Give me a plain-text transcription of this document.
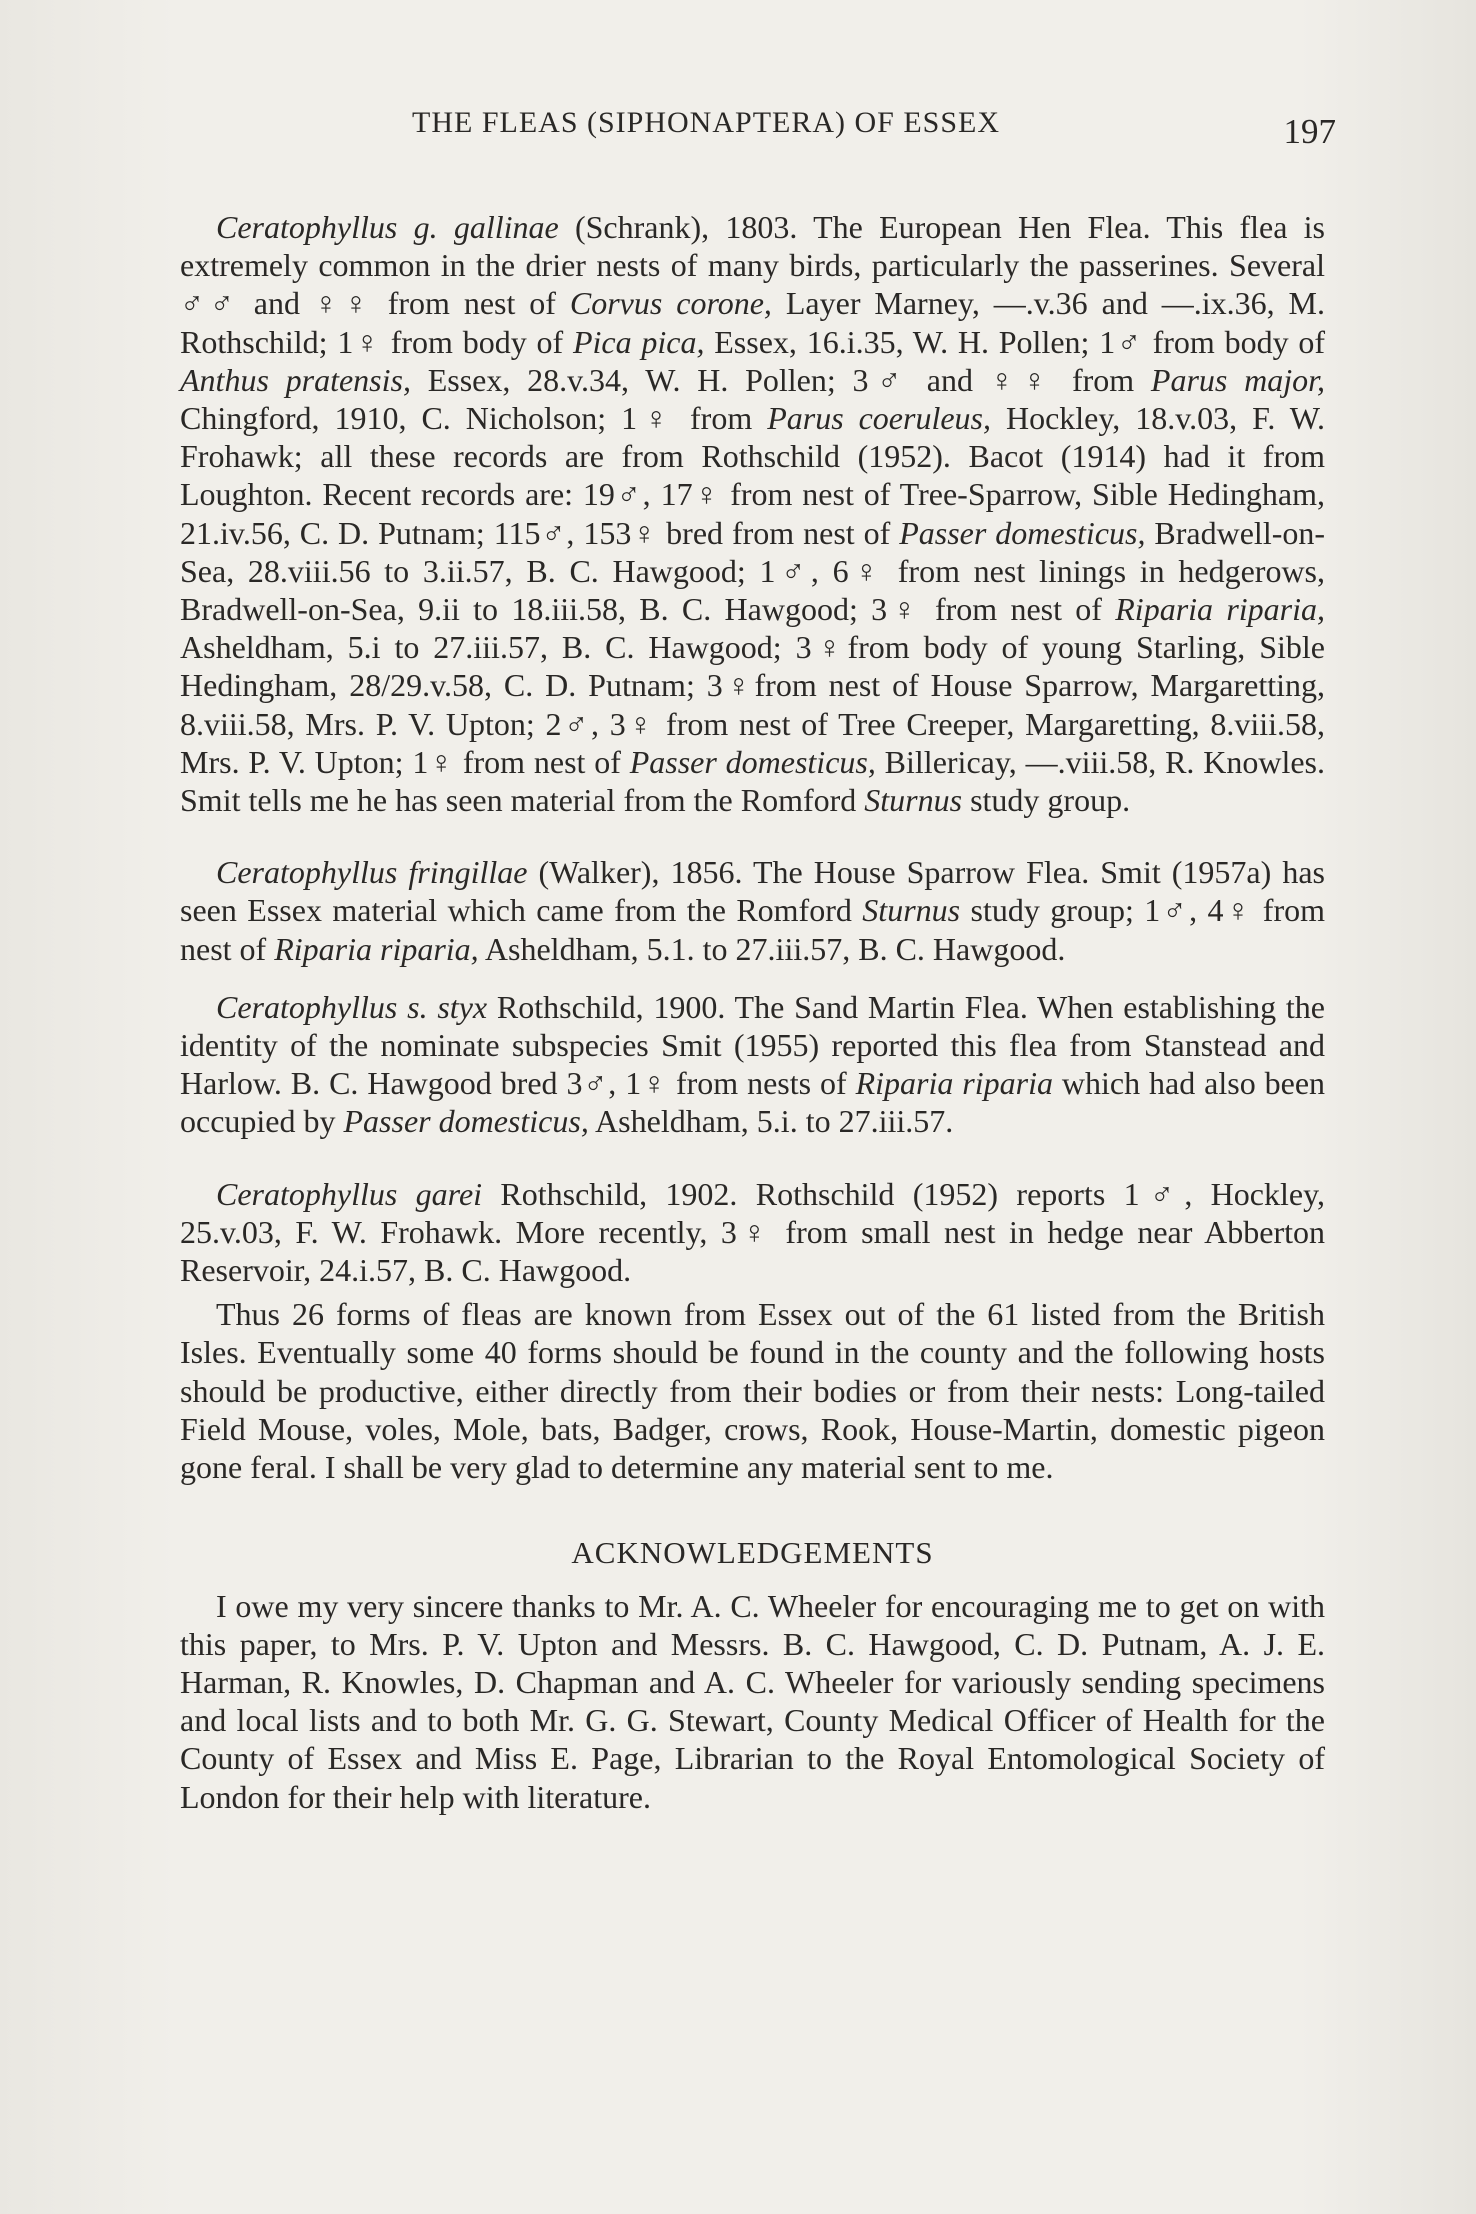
THE FLEAS (SIPHONAPTERA) OF ESSEX	197

Ceratophyllus g. gallinae (Schrank), 1803. The European Hen Flea. This flea is extremely common in the drier nests of many birds, particularly the passerines. Several ♂♂ and ♀♀ from nest of Corvus corone, Layer Marney, —.v.36 and —.ix.36, M. Rothschild; 1♀ from body of Pica pica, Essex, 16.i.35, W. H. Pollen; 1♂ from body of Anthus pratensis, Essex, 28.v.34, W. H. Pollen; 3♂ and ♀♀ from Parus major, Chingford, 1910, C. Nicholson; 1♀ from Parus coeruleus, Hockley, 18.v.03, F. W. Frohawk; all these records are from Rothschild (1952). Bacot (1914) had it from Loughton. Recent records are: 19♂, 17♀ from nest of Tree-Sparrow, Sible Hedingham, 21.iv.56, C. D. Putnam; 115♂, 153♀ bred from nest of Passer domesticus, Bradwell-on-Sea, 28.viii.56 to 3.ii.57, B. C. Hawgood; 1♂, 6♀ from nest linings in hedgerows, Bradwell-on-Sea, 9.ii to 18.iii.58, B. C. Hawgood; 3♀ from nest of Riparia riparia, Asheldham, 5.i to 27.iii.57, B. C. Hawgood; 3♀from body of young Starling, Sible Hedingham, 28/29.v.58, C. D. Putnam; 3♀from nest of House Sparrow, Margaretting, 8.viii.58, Mrs. P. V. Upton; 2♂, 3♀ from nest of Tree Creeper, Margaretting, 8.viii.58, Mrs. P. V. Upton; 1♀ from nest of Passer domesticus, Billericay, —.viii.58, R. Knowles. Smit tells me he has seen material from the Romford Sturnus study group.

Ceratophyllus fringillae (Walker), 1856. The House Sparrow Flea. Smit (1957a) has seen Essex material which came from the Romford Sturnus study group; 1♂, 4♀ from nest of Riparia riparia, Asheldham, 5.1. to 27.iii.57, B. C. Hawgood.

Ceratophyllus s. styx Rothschild, 1900. The Sand Martin Flea. When establishing the identity of the nominate subspecies Smit (1955) reported this flea from Stanstead and Harlow. B. C. Hawgood bred 3♂, 1♀ from nests of Riparia riparia which had also been occupied by Passer domesticus, Asheldham, 5.i. to 27.iii.57.

Ceratophyllus garei Rothschild, 1902. Rothschild (1952) reports 1♂, Hockley, 25.v.03, F. W. Frohawk. More recently, 3♀ from small nest in hedge near Abberton Reservoir, 24.i.57, B. C. Hawgood.

Thus 26 forms of fleas are known from Essex out of the 61 listed from the British Isles. Eventually some 40 forms should be found in the county and the following hosts should be productive, either directly from their bodies or from their nests: Long-tailed Field Mouse, voles, Mole, bats, Badger, crows, Rook, House-Martin, domestic pigeon gone feral. I shall be very glad to determine any material sent to me.

ACKNOWLEDGEMENTS

I owe my very sincere thanks to Mr. A. C. Wheeler for encouraging me to get on with this paper, to Mrs. P. V. Upton and Messrs. B. C. Hawgood, C. D. Putnam, A. J. E. Harman, R. Knowles, D. Chapman and A. C. Wheeler for variously sending specimens and local lists and to both Mr. G. G. Stewart, County Medical Officer of Health for the County of Essex and Miss E. Page, Librarian to the Royal Entomological Society of London for their help with literature.
